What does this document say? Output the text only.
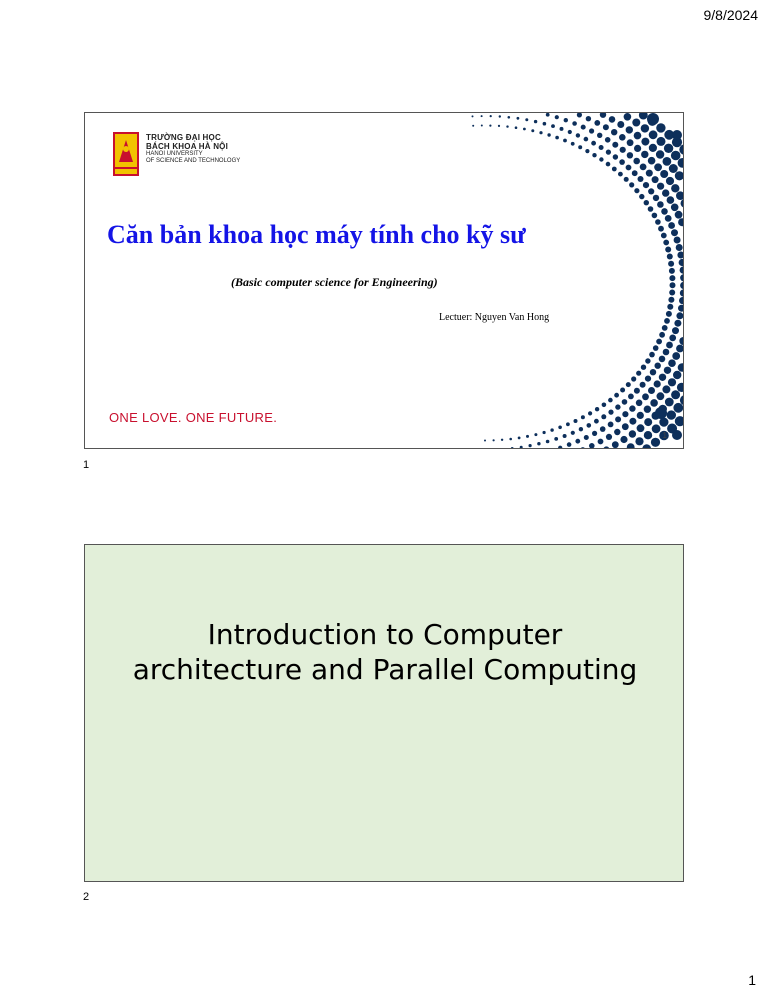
9/8/2024
TRƯỜNG ĐẠI HỌC
BÁCH KHOA HÀ NỘI
HANOI UNIVERSITY
OF SCIENCE AND TECHNOLOGY
Căn bản khoa học máy tính cho kỹ sư
(Basic computer science for Engineering)
Lectuer: Nguyen Van Hong
ONE LOVE. ONE FUTURE.
1
1
Introduction to Computer
architecture and Parallel Computing
2
1
